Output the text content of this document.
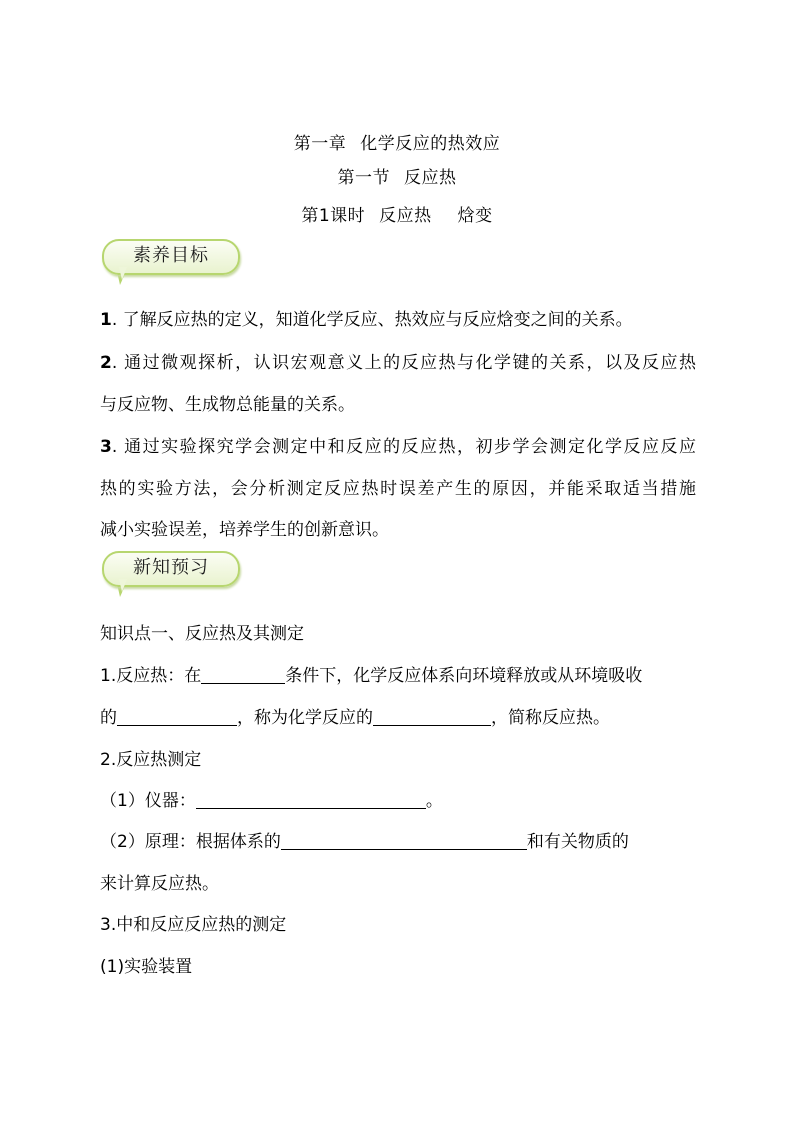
第一章 化学反应的热效应
第一节 反应热
第1课时 反应热 焓变
素养目标
1. 了解反应热的定义，知道化学反应、热效应与反应焓变之间的关系。
2. 通过微观探析，认识宏观意义上的反应热与化学键的关系，以及反应热
与反应物、生成物总能量的关系。
3. 通过实验探究学会测定中和反应的反应热，初步学会测定化学反应反应
热的实验方法，会分析测定反应热时误差产生的原因，并能采取适当措施
减小实验误差，培养学生的创新意识。
新知预习
知识点一、反应热及其测定
1.反应热：在	条件下，化学反应体系向环境释放或从环境吸收
的	，称为化学反应的	，简称反应热。
2.反应热测定
（1）仪器：	。
（2）原理：根据体系的	和有关物质的
来计算反应热。
3.中和反应反应热的测定
(1)实验装置
